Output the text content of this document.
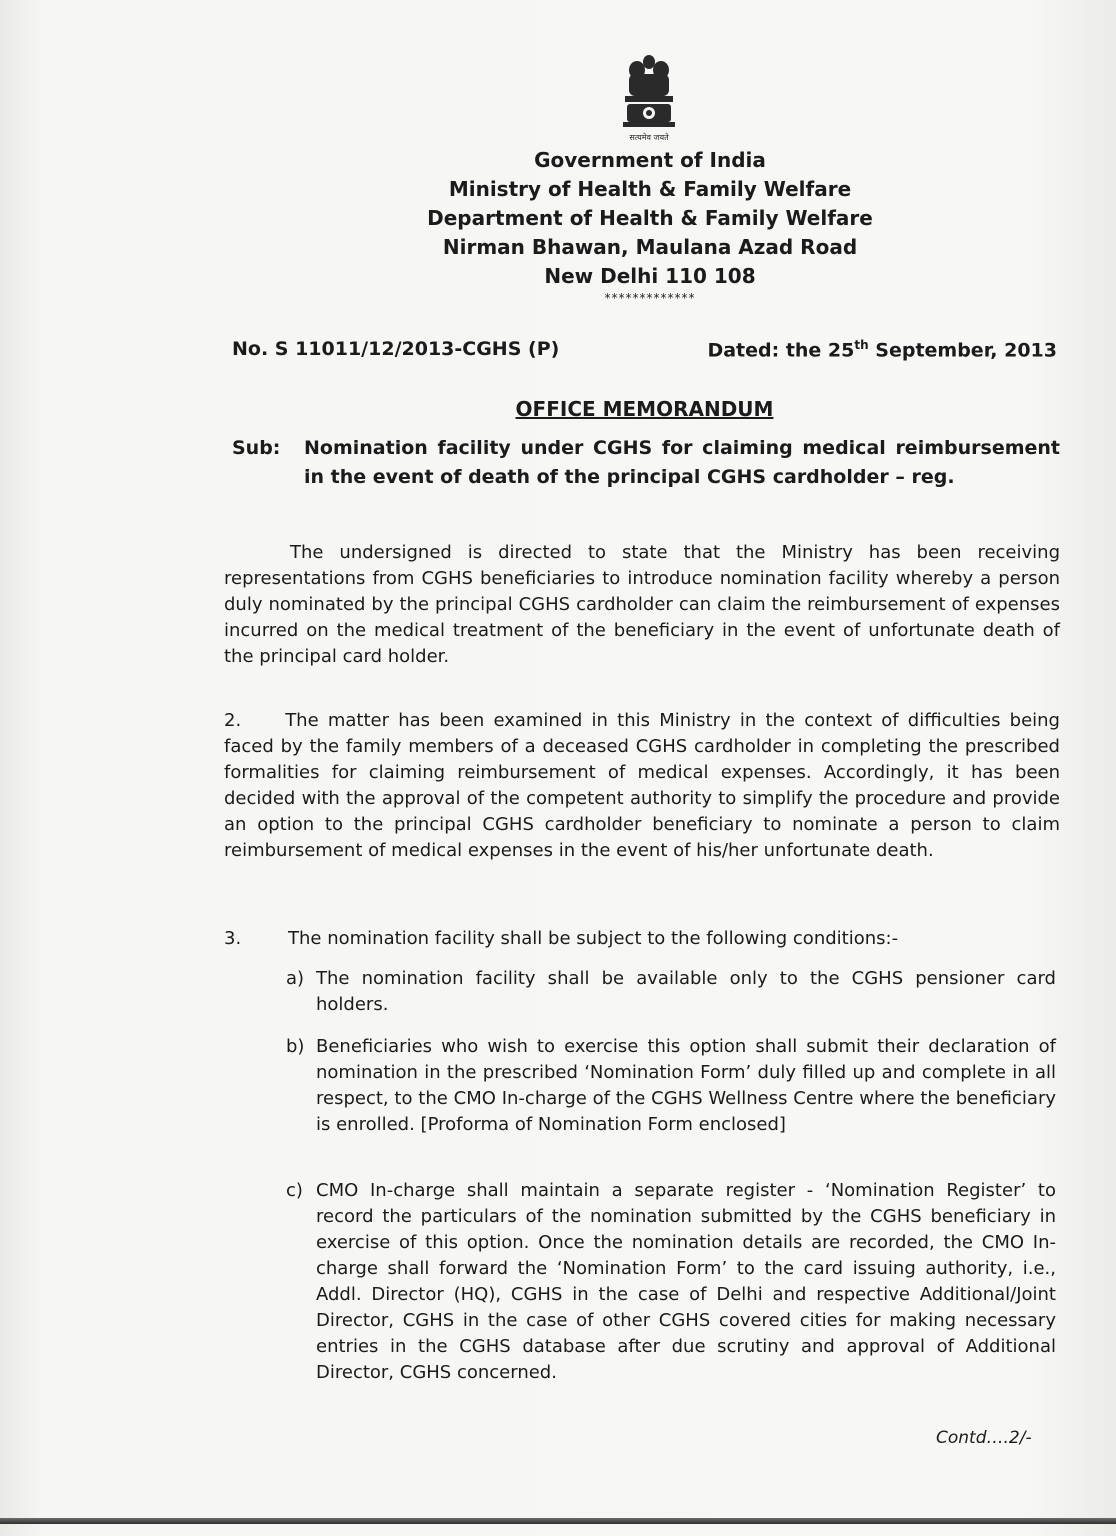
सत्यमेव जयते
Government of India
Ministry of Health & Family Welfare
Department of Health & Family Welfare
Nirman Bhawan, Maulana Azad Road
New Delhi 110 108
*************
No. S 11011/12/2013-CGHS (P)	Dated: the 25th September, 2013
OFFICE MEMORANDUM
Sub:	Nomination facility under CGHS for claiming medical reimbursement in the event of death of the principal CGHS cardholder – reg.
The undersigned is directed to state that the Ministry has been receiving representations from CGHS beneficiaries to introduce nomination facility whereby a person duly nominated by the principal CGHS cardholder can claim the reimbursement of expenses incurred on the medical treatment of the beneficiary in the event of unfortunate death of the principal card holder.
2. The matter has been examined in this Ministry in the context of difficulties being faced by the family members of a deceased CGHS cardholder in completing the prescribed formalities for claiming reimbursement of medical expenses. Accordingly, it has been decided with the approval of the competent authority to simplify the procedure and provide an option to the principal CGHS cardholder beneficiary to nominate a person to claim reimbursement of medical expenses in the event of his/her unfortunate death.
3.	The nomination facility shall be subject to the following conditions:-
a) The nomination facility shall be available only to the CGHS pensioner card holders.
b) Beneficiaries who wish to exercise this option shall submit their declaration of nomination in the prescribed ‘Nomination Form’ duly filled up and complete in all respect, to the CMO In-charge of the CGHS Wellness Centre where the beneficiary is enrolled. [Proforma of Nomination Form enclosed]
c) CMO In-charge shall maintain a separate register - ‘Nomination Register’ to record the particulars of the nomination submitted by the CGHS beneficiary in exercise of this option. Once the nomination details are recorded, the CMO In-charge shall forward the ‘Nomination Form’ to the card issuing authority, i.e., Addl. Director (HQ), CGHS in the case of Delhi and respective Additional/Joint Director, CGHS in the case of other CGHS covered cities for making necessary entries in the CGHS database after due scrutiny and approval of Additional Director, CGHS concerned.
Contd….2/-
